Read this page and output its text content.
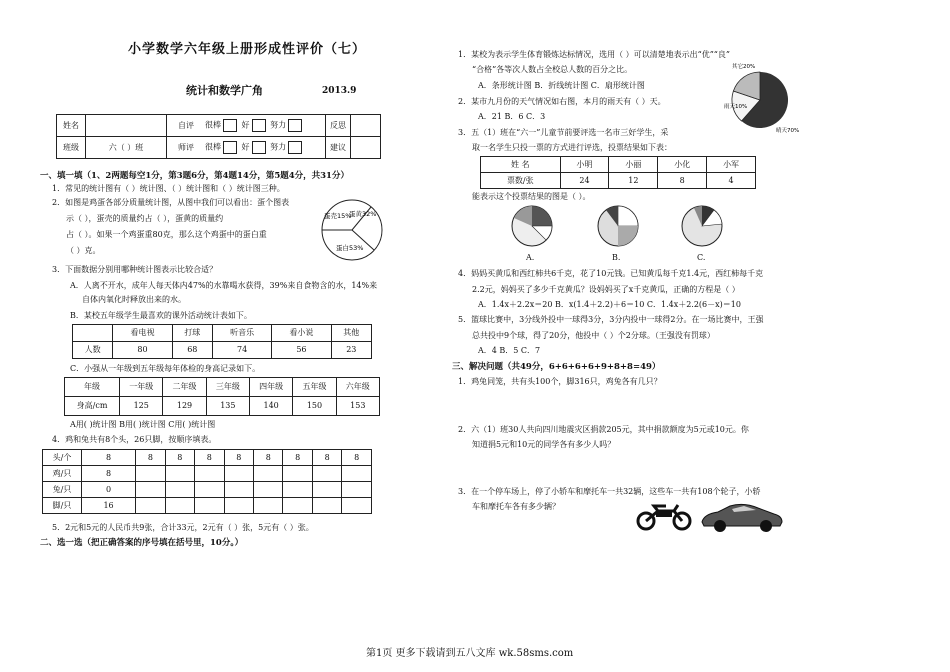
小学数学六年级上册形成性评价（七）
统计和数学广角	2013.9
姓名		自评	很棒 好 努力	反思	
班级	六（ ）班	师评	很棒 好 努力	建议	
一、填一填（1、2两题每空1分，第3题6分，第4题14分，第5题4分，共31分）
1．常见的统计图有（ ）统计图、（ ）统计图和（ ）统计图三种。
2．如图是鸡蛋各部分质量统计图，从图中我们可以看出：蛋个图表
示（ ），蛋壳的质量约占（ ），蛋黄的质量约
占（ ）。如果一个鸡蛋重80克，那么这个鸡蛋中的蛋白重
（ ）克。
蛋壳15%
蛋黄32%
蛋白53%
3．下面数据分别用哪种统计图表示比较合适？
A．人离不开水，成年人每天体内47%的水靠喝水获得，39%来自食物含的水，14%来
自体内氧化时释放出来的水。
B．某校五年级学生最喜欢的课外活动统计表如下。
	看电视	打球	听音乐	看小说	其他
人数	80	68	74	56	23
C．小强从一年级到五年级每年体检的身高记录如下。
年级	一年级	二年级	三年级	四年级	五年级	六年级
身高/cm	125	129	135	140	150	153
A用( )统计图 B用( )统计图 C用( )统计图
4．鸡和兔共有8个头，26只脚，按顺序填表。
头/个	8	8	8	8	8	8	8	8	8
鸡/只	8								
兔/只	0								
脚/只	16								
5．2元和5元的人民币共9张，合计33元，2元有（ ）张，5元有（ ）张。
二、选一选（把正确答案的序号填在括号里，10分。）
1．某校为表示学生体育锻炼达标情况，选用（ ）可以清楚地表示出“优”“良”
“合格”各等次人数占全校总人数的百分之比。
A．条形统计图 B．折线统计图 C．扇形统计图
其它20%
雨天10%
晴天70%
2．某市九月份的天气情况如右图，本月的雨天有（ ）天。
A．21 B．6 C．3
3．五（1）班在“六一”儿童节前要评选一名市三好学生，采
取一名学生只投一票的方式进行评选，投票结果如下表：
姓 名	小明	小丽	小化	小军
票数/张	24	12	8	4
能表示这个投票结果的图是（ ）。
A.	B.	C.
4．妈妈买黄瓜和西红柿共6千克，花了10元钱。已知黄瓜每千克1.4元，西红柿每千克
2.2元，妈妈买了多少千克黄瓜？设妈妈买了x千克黄瓜，正确的方程是（ ）
A．1.4x＋2.2x＝20 B．x(1.4＋2.2)＋6＝10 C．1.4x＋2.2(6－x)＝10
5．篮球比赛中，3分线外投中一球得3分，3分内投中一球得2分。在一场比赛中，王强
总共投中9个球，得了20分，他投中（ ）个2分球。（王强没有罚球）
A．4 B．5 C．7
三、解决问题（共49分，6+6+6+6+9+8+8=49）
1．鸡兔同笼，共有头100个，脚316只，鸡兔各有几只？
2．六（1）班30人共向四川地震灾区捐款205元，其中捐款额度为5元或10元。你
知道捐5元和10元的同学各有多少人吗？
3．在一个停车场上，停了小轿车和摩托车一共32辆，这些车一共有108个轮子，小轿
车和摩托车各有多少辆？
第1页 更多下载请到五八文库 wk.58sms.com
